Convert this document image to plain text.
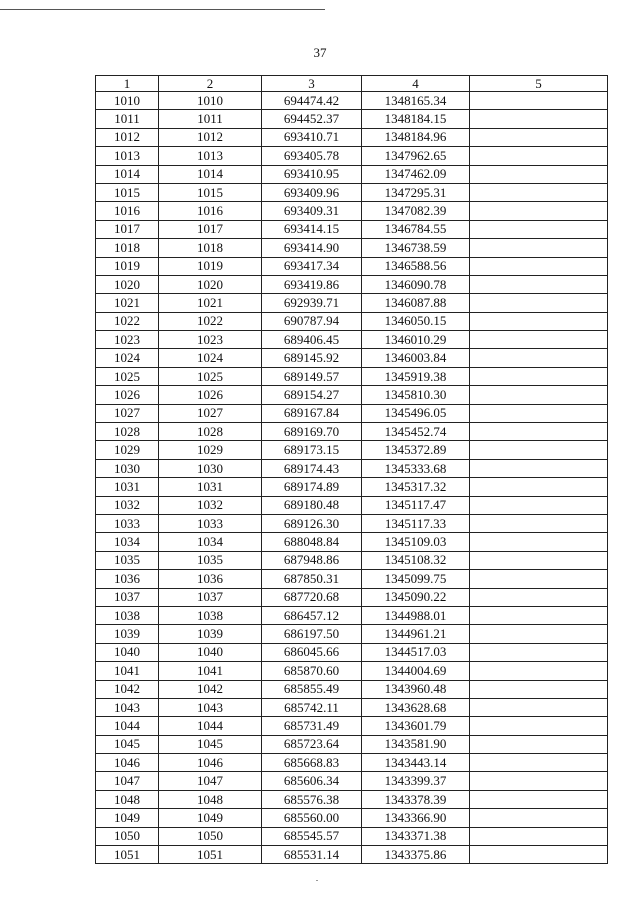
37
1	2	3	4	5
1010	1010	694474.42	1348165.34	
1011	1011	694452.37	1348184.15	
1012	1012	693410.71	1348184.96	
1013	1013	693405.78	1347962.65	
1014	1014	693410.95	1347462.09	
1015	1015	693409.96	1347295.31	
1016	1016	693409.31	1347082.39	
1017	1017	693414.15	1346784.55	
1018	1018	693414.90	1346738.59	
1019	1019	693417.34	1346588.56	
1020	1020	693419.86	1346090.78	
1021	1021	692939.71	1346087.88	
1022	1022	690787.94	1346050.15	
1023	1023	689406.45	1346010.29	
1024	1024	689145.92	1346003.84	
1025	1025	689149.57	1345919.38	
1026	1026	689154.27	1345810.30	
1027	1027	689167.84	1345496.05	
1028	1028	689169.70	1345452.74	
1029	1029	689173.15	1345372.89	
1030	1030	689174.43	1345333.68	
1031	1031	689174.89	1345317.32	
1032	1032	689180.48	1345117.47	
1033	1033	689126.30	1345117.33	
1034	1034	688048.84	1345109.03	
1035	1035	687948.86	1345108.32	
1036	1036	687850.31	1345099.75	
1037	1037	687720.68	1345090.22	
1038	1038	686457.12	1344988.01	
1039	1039	686197.50	1344961.21	
1040	1040	686045.66	1344517.03	
1041	1041	685870.60	1344004.69	
1042	1042	685855.49	1343960.48	
1043	1043	685742.11	1343628.68	
1044	1044	685731.49	1343601.79	
1045	1045	685723.64	1343581.90	
1046	1046	685668.83	1343443.14	
1047	1047	685606.34	1343399.37	
1048	1048	685576.38	1343378.39	
1049	1049	685560.00	1343366.90	
1050	1050	685545.57	1343371.38	
1051	1051	685531.14	1343375.86	
